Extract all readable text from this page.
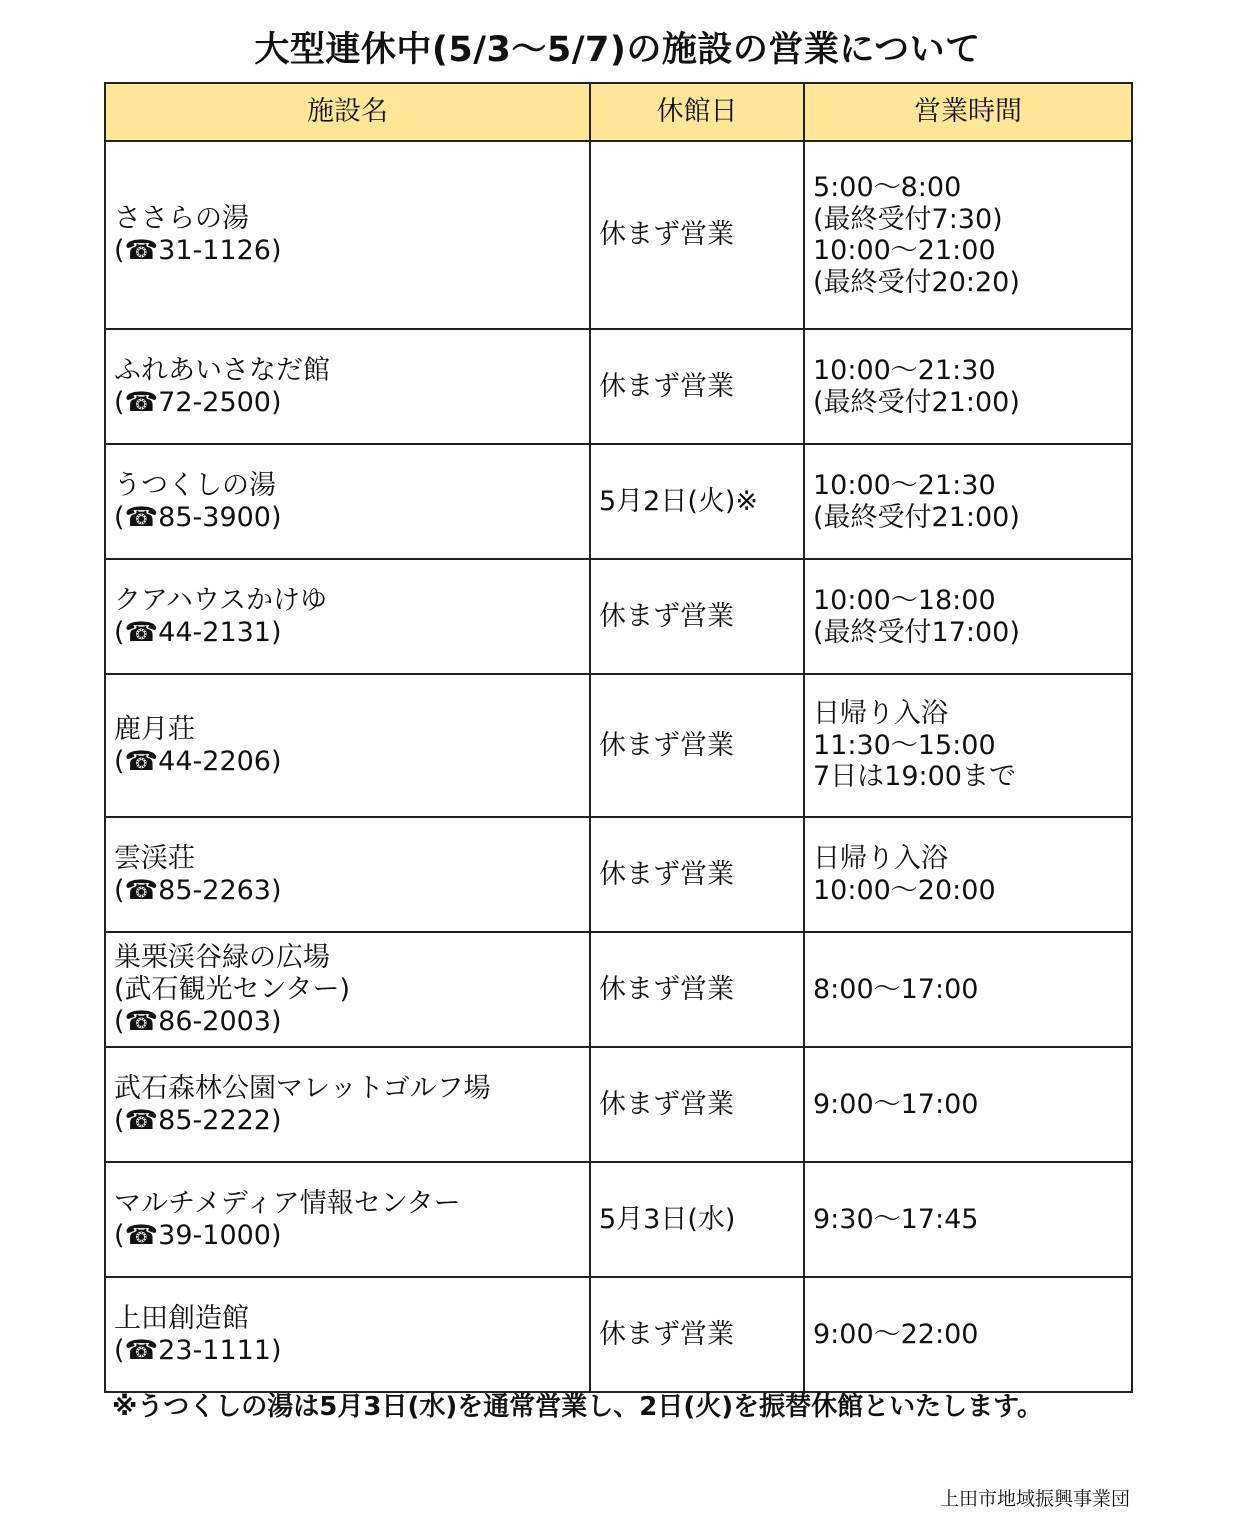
大型連休中(5/3～5/7)の施設の営業について
施設名	休館日	営業時間

ささらの湯
(☎31-1126)	休まず営業	5:00～8:00
(最終受付7:30)
10:00～21:00
(最終受付20:20)

ふれあいさなだ館
(☎72-2500)	休まず営業	10:00～21:30
(最終受付21:00)

うつくしの湯
(☎85-3900)	5月2日(火)※	10:00～21:30
(最終受付21:00)

クアハウスかけゆ
(☎44-2131)	休まず営業	10:00～18:00
(最終受付17:00)

鹿月荘
(☎44-2206)	休まず営業	日帰り入浴
11:30～15:00
7日は19:00まで

雲渓荘
(☎85-2263)	休まず営業	日帰り入浴
10:00～20:00

巣栗渓谷緑の広場
(武石観光センター)
(☎86-2003)	休まず営業	8:00～17:00

武石森林公園マレットゴルフ場
(☎85-2222)	休まず営業	9:00～17:00

マルチメディア情報センター
(☎39-1000)	5月3日(水)	9:30～17:45

上田創造館
(☎23-1111)	休まず営業	9:00～22:00
※うつくしの湯は5月3日(水)を通常営業し、2日(火)を振替休館といたします。
上田市地域振興事業団
